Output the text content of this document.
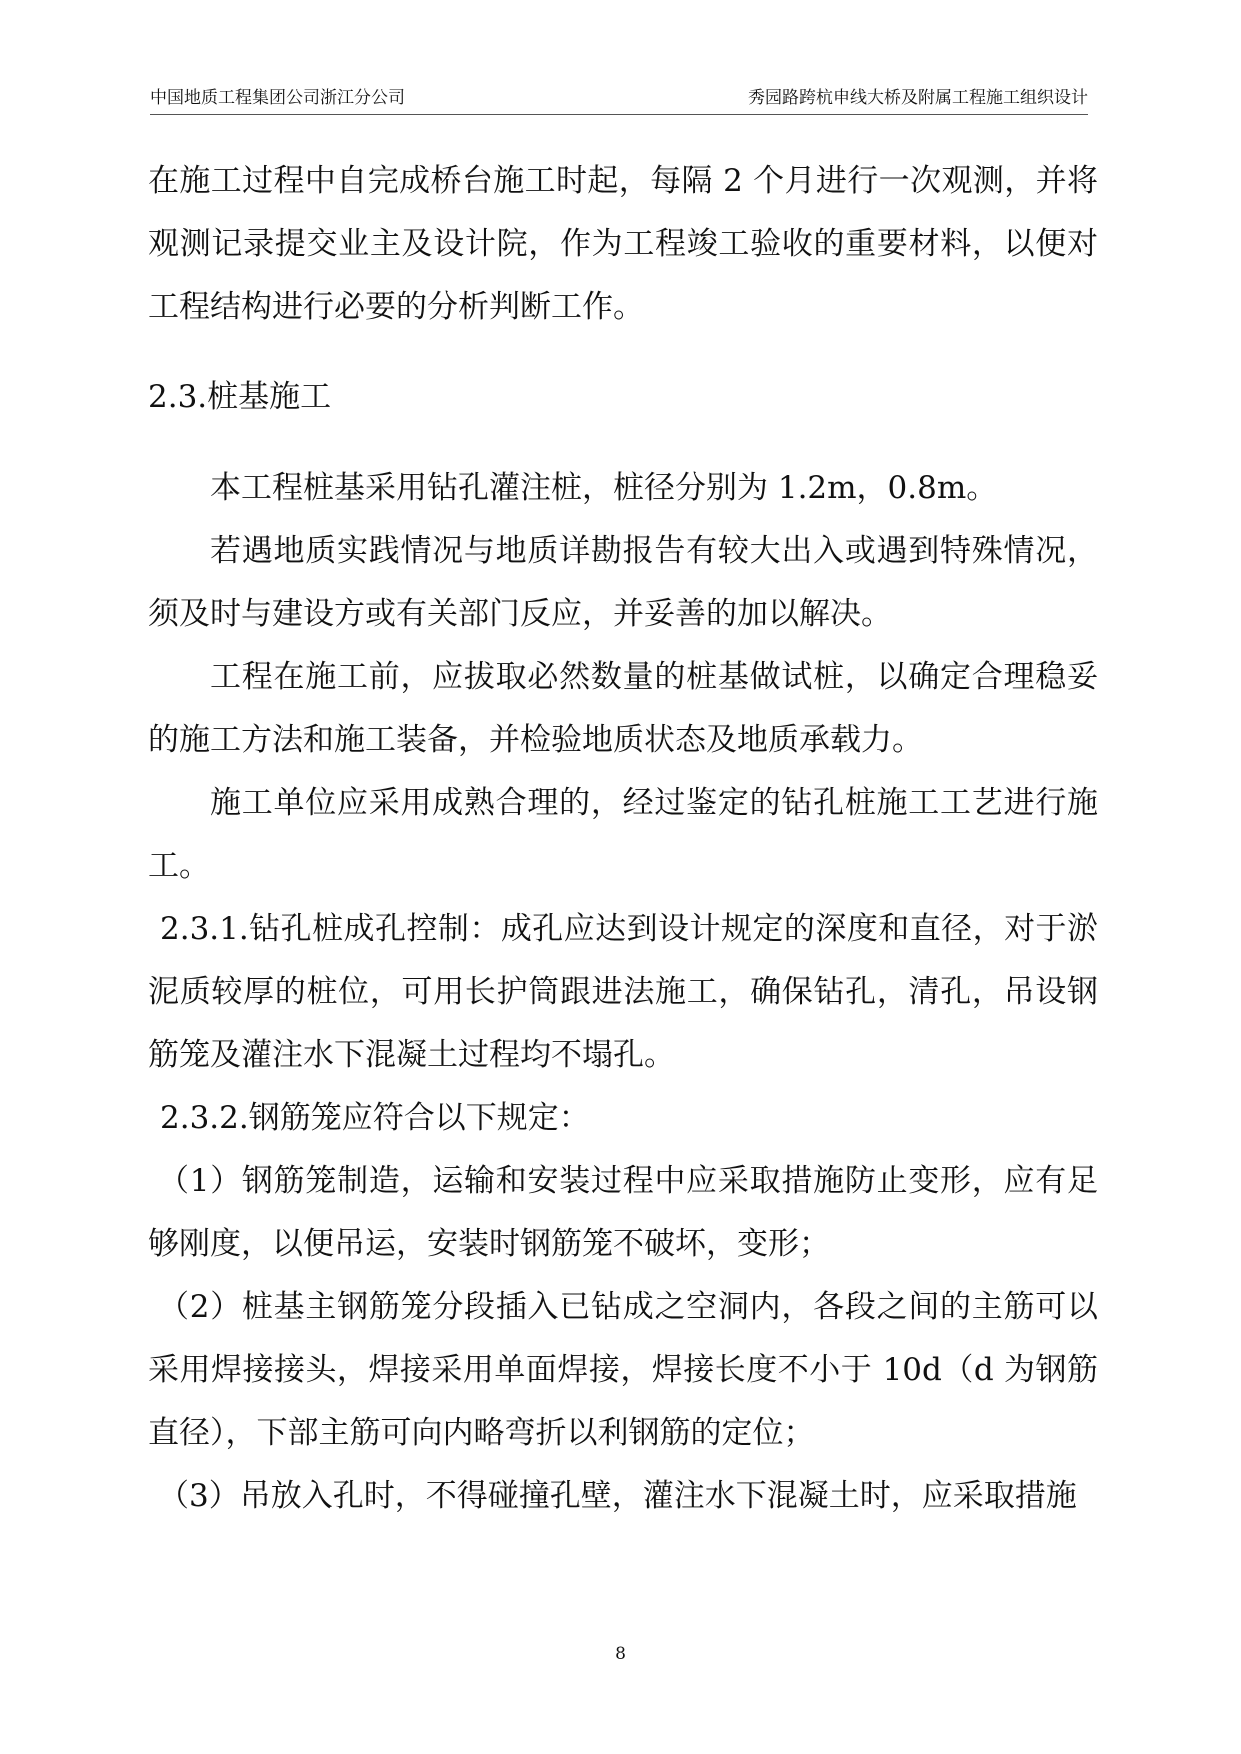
中国地质工程集团公司浙江分公司	秀园路跨杭申线大桥及附属工程施工组织设计

在施工过程中自完成桥台施工时起，每隔 2 个月进行一次观测，并将观测记录提交业主及设计院，作为工程竣工验收的重要材料，以便对工程结构进行必要的分析判断工作。

2.3.桩基施工

本工程桩基采用钻孔灌注桩，桩径分别为 1.2m，0.8m。

若遇地质实践情况与地质详勘报告有较大出入或遇到特殊情况，须及时与建设方或有关部门反应，并妥善的加以解决。

工程在施工前，应拔取必然数量的桩基做试桩，以确定合理稳妥的施工方法和施工装备，并检验地质状态及地质承载力。

施工单位应采用成熟合理的，经过鉴定的钻孔桩施工工艺进行施工。

2.3.1.钻孔桩成孔控制：成孔应达到设计规定的深度和直径，对于淤泥质较厚的桩位，可用长护筒跟进法施工，确保钻孔，清孔，吊设钢筋笼及灌注水下混凝土过程均不塌孔。

2.3.2.钢筋笼应符合以下规定：

（1）钢筋笼制造，运输和安装过程中应采取措施防止变形，应有足够刚度，以便吊运，安装时钢筋笼不破坏，变形；

（2）桩基主钢筋笼分段插入已钻成之空洞内，各段之间的主筋可以采用焊接接头，焊接采用单面焊接，焊接长度不小于 10d（d 为钢筋直径），下部主筋可向内略弯折以利钢筋的定位；

（3）吊放入孔时，不得碰撞孔壁，灌注水下混凝土时，应采取措施

8
